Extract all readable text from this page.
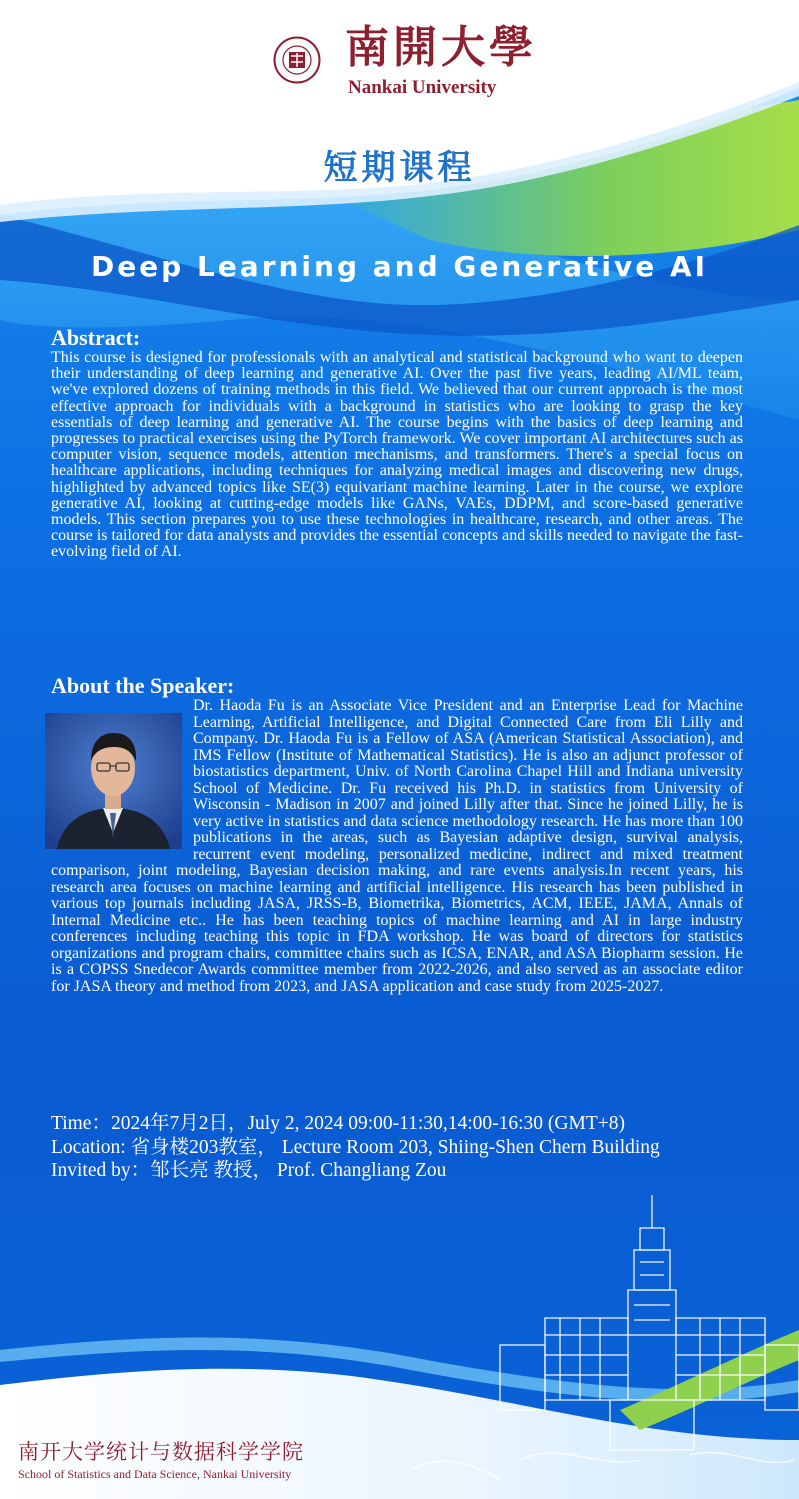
南開大學
Nankai University
短期课程
Deep Learning and Generative AI
Abstract:

This course is designed for professionals with an analytical and statistical background who want to deepen their understanding of deep learning and generative AI. Over the past five years, leading AI/ML team, we've explored dozens of training methods in this field. We believed that our current approach is the most effective approach for individuals with a background in statistics who are looking to grasp the key essentials of deep learning and generative AI. The course begins with the basics of deep learning and progresses to practical exercises using the PyTorch framework. We cover important AI architectures such as computer vision, sequence models, attention mechanisms, and transformers. There's a special focus on healthcare applications, including techniques for analyzing medical images and discovering new drugs, highlighted by advanced topics like SE(3) equivariant machine learning. Later in the course, we explore generative AI, looking at cutting-edge models like GANs, VAEs, DDPM, and score-based generative models. This section prepares you to use these technologies in healthcare, research, and other areas. The course is tailored for data analysts and provides the essential concepts and skills needed to navigate the fast-evolving field of AI.

About the Speaker:

Dr. Haoda Fu is an Associate Vice President and an Enterprise Lead for Machine Learning, Artificial Intelligence, and Digital Connected Care from Eli Lilly and Company. Dr. Haoda Fu is a Fellow of ASA (American Statistical Association), and IMS Fellow (Institute of Mathematical Statistics). He is also an adjunct professor of biostatistics department, Univ. of North Carolina Chapel Hill and Indiana university School of Medicine. Dr. Fu received his Ph.D. in statistics from University of Wisconsin - Madison in 2007 and joined Lilly after that. Since he joined Lilly, he is very active in statistics and data science methodology research. He has more than 100 publications in the areas, such as Bayesian adaptive design, survival analysis, recurrent event modeling, personalized medicine, indirect and mixed treatment comparison, joint modeling, Bayesian decision making, and rare events analysis.In recent years, his research area focuses on machine learning and artificial intelligence. His research has been published in various top journals including JASA, JRSS-B, Biometrika, Biometrics, ACM, IEEE, JAMA, Annals of Internal Medicine etc.. He has been teaching topics of machine learning and AI in large industry conferences including teaching this topic in FDA workshop. He was board of directors for statistics organizations and program chairs, committee chairs such as ICSA, ENAR, and ASA Biopharm session. He is a COPSS Snedecor Awards committee member from 2022-2026, and also served as an associate editor for JASA theory and method from 2023, and JASA application and case study from 2025-2027.

Time：2024年7月2日，July 2, 2024 09:00-11:30,14:00-16:30 (GMT+8)
Location: 省身楼203教室， Lecture Room 203, Shiing-Shen Chern Building
Invited by：邹长亮 教授， Prof. Changliang Zou
南开大学统计与数据科学学院
School of Statistics and Data Science, Nankai University
